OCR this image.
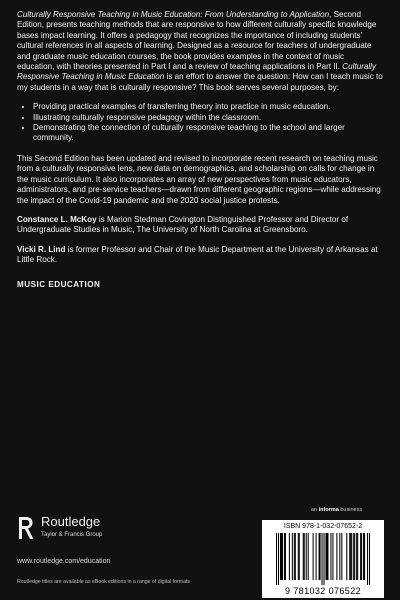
Culturally Responsive Teaching in Music Education: From Understanding to Application, Second Edition, presents teaching methods that are responsive to how different culturally specific knowledge bases impact learning. It offers a pedagogy that recognizes the importance of including students’ cultural references in all aspects of learning. Designed as a resource for teachers of undergraduate and graduate music education courses, the book provides examples in the context of music education, with theories presented in Part I and a review of teaching applications in Part II. Culturally Responsive Teaching in Music Education is an effort to answer the question: How can I teach music to my students in a way that is culturally responsive? This book serves several purposes, by:

• Providing practical examples of transferring theory into practice in music education.
• Illustrating culturally responsive pedagogy within the classroom.
• Demonstrating the connection of culturally responsive teaching to the school and larger community.

This Second Edition has been updated and revised to incorporate recent research on teaching music from a culturally responsive lens, new data on demographics, and scholarship on calls for change in the music curriculum. It also incorporates an array of new perspectives from music educators, administrators, and pre-service teachers—drawn from different geographic regions—while addressing the impact of the Covid-19 pandemic and the 2020 social justice protests.

Constance L. McKoy is Marion Stedman Covington Distinguished Professor and Director of Undergraduate Studies in Music, The University of North Carolina at Greensboro.

Vicki R. Lind is former Professor and Chair of the Music Department at the University of Arkansas at Little Rock.

MUSIC EDUCATION
an informa business
Routledge
Taylor & Francis Group
www.routledge.com/education
Routledge titles are available as eBook editions in a range of digital formats
ISBN 978-1-032-07652-2
9 781032 076522
